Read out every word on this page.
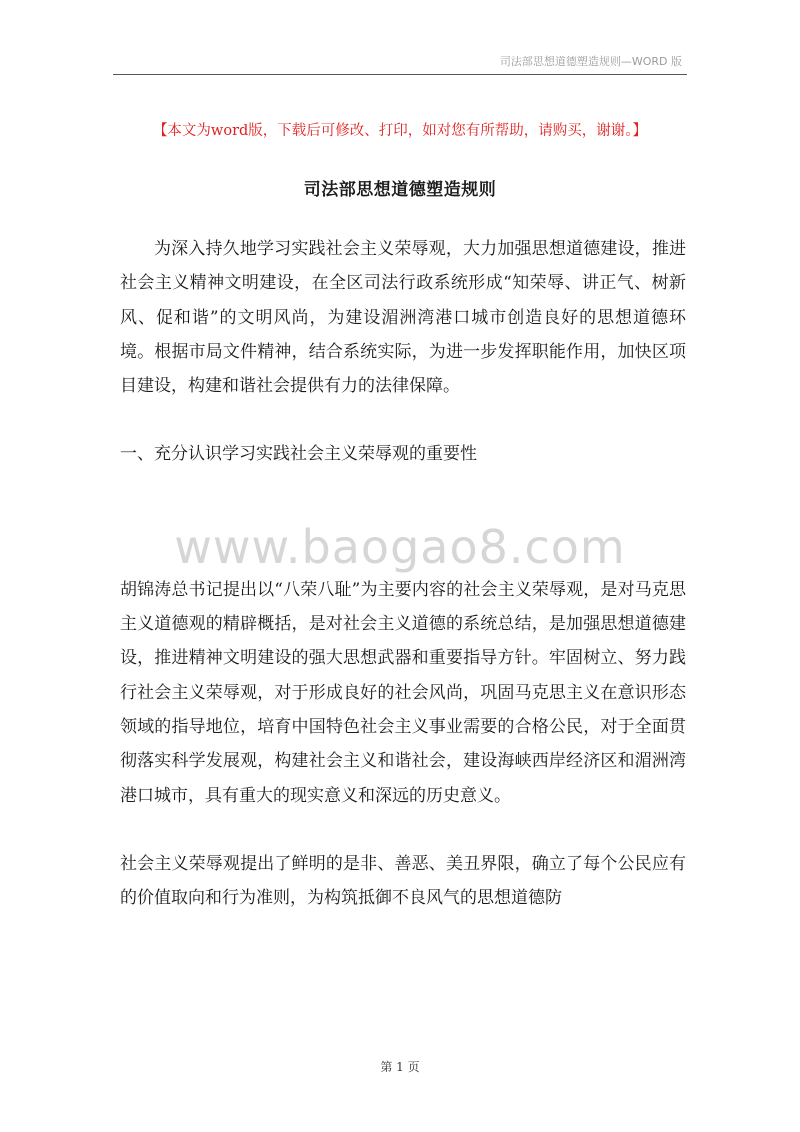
司法部思想道德塑造规则—WORD 版
【本文为word版，下载后可修改、打印，如对您有所帮助，请购买，谢谢。】
司法部思想道德塑造规则
www.baogao8.com

为深入持久地学习实践社会主义荣辱观，大力加强思想道德建设，推进社会主义精神文明建设，在全区司法行政系统形成“知荣辱、讲正气、树新风、促和谐”的文明风尚，为建设湄洲湾港口城市创造良好的思想道德环境。根据市局文件精神，结合系统实际，为进一步发挥职能作用，加快区项目建设，构建和谐社会提供有力的法律保障。

一、充分认识学习实践社会主义荣辱观的重要性

胡锦涛总书记提出以“八荣八耻”为主要内容的社会主义荣辱观，是对马克思主义道德观的精辟概括，是对社会主义道德的系统总结，是加强思想道德建设，推进精神文明建设的强大思想武器和重要指导方针。牢固树立、努力践行社会主义荣辱观，对于形成良好的社会风尚，巩固马克思主义在意识形态领域的指导地位，培育中国特色社会主义事业需要的合格公民，对于全面贯彻落实科学发展观，构建社会主义和谐社会，建设海峡西岸经济区和湄洲湾港口城市，具有重大的现实意义和深远的历史意义。

社会主义荣辱观提出了鲜明的是非、善恶、美丑界限，确立了每个公民应有的价值取向和行为准则，为构筑抵御不良风气的思想道德防

第 1 页
